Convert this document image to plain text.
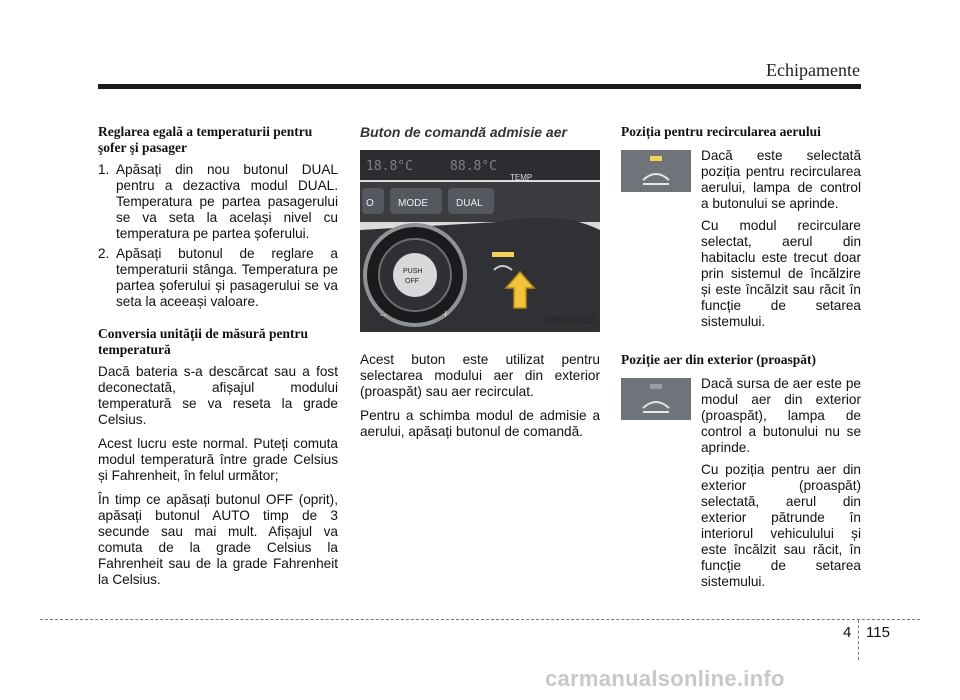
Echipamente
Reglarea egală a temperaturii pentru şofer şi pasager
1. Apăsați din nou butonul DUAL pentru a dezactiva modul DUAL. Temperatura pe partea pasagerului se va seta la același nivel cu temperatura pe partea șoferului.
2. Apăsați butonul de reglare a temperaturii stânga. Temperatura pe partea șoferului și pasagerului se va seta la aceeași valoare.
Conversia unităţii de măsură pentru temperatură

Dacă bateria s-a descărcat sau a fost deconectată, afișajul modului temperatură se va reseta la grade Celsius.

Acest lucru este normal. Puteți comuta modul temperatură între grade Celsius și Fahrenheit, în felul următor;

În timp ce apăsați butonul OFF (oprit), apăsați butonul AUTO timp de 3 secunde sau mai mult. Afișajul va comuta de la grade Celsius la Fahrenheit sau de la grade Fahrenheit la Celsius.

Buton de comandă admisie aer
18.8°C	88.8°C
O MODE	DUAL
TEMP
PUSH
OFF
–	+	OMD044117

Acest buton este utilizat pentru selectarea modului aer din exterior (proaspăt) sau aer recirculat.

Pentru a schimba modul de admisie a aerului, apăsați butonul de comandă.

Poziția pentru recircularea aerului

Dacă este selectată poziția pentru recircularea aerului, lampa de control a butonului se aprinde.

Cu modul recirculare selectat, aerul din habitaclu este trecut doar prin sistemul de încălzire și este încălzit sau răcit în funcție de setarea sistemului.

Poziție aer din exterior (proaspăt)

Dacă sursa de aer este pe modul aer din exterior (proaspăt), lampa de control a butonului nu se aprinde.

Cu poziția pentru aer din exterior (proaspăt) selectată, aerul din exterior pătrunde în interiorul vehiculului și este încălzit sau răcit, în funcție de setarea sistemului.

4 115
carmanualsonline.info
